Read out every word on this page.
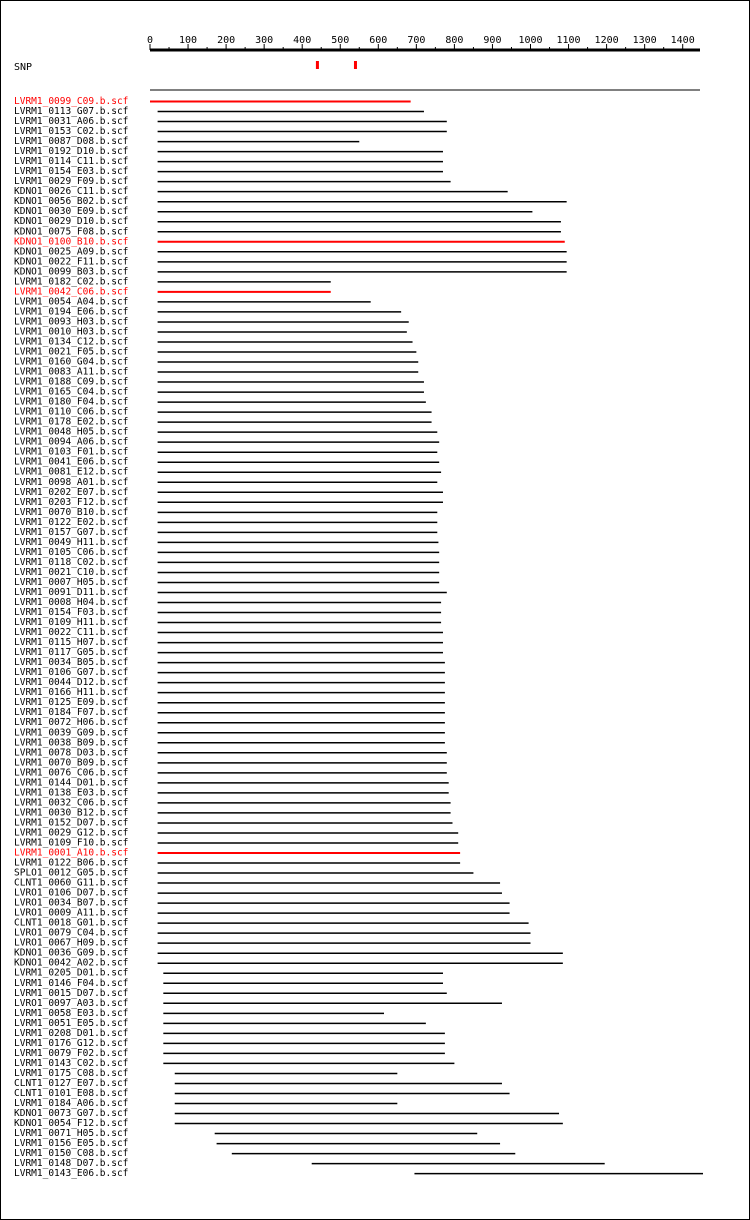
0	100 200 300 400 500 600 700 800 900 1000 1100 1200 1300 1400
SNP
LVRM1_0099_C09.b.scf
LVRM1_0113_G07.b.scf
LVRM1_0031_A06.b.scf
LVRM1_0153_C02.b.scf
LVRM1_0087_D08.b.scf
LVRM1_0192_D10.b.scf
LVRM1_0114_C11.b.scf
LVRM1_0154_E03.b.scf
LVRM1_0029_F09.b.scf
KDNO1_0026_C11.b.scf
KDNO1_0056_B02.b.scf
KDNO1_0030_E09.b.scf
KDNO1_0029_D10.b.scf
KDNO1_0075_F08.b.scf
KDNO1_0100_B10.b.scf
KDNO1_0025_A09.b.scf
KDNO1_0022_F11.b.scf
KDNO1_0099_B03.b.scf
LVRM1_0182_C02.b.scf
LVRM1_0042_C06.b.scf
LVRM1_0054_A04.b.scf
LVRM1_0194_E06.b.scf
LVRM1_0093_H03.b.scf
LVRM1_0010_H03.b.scf
LVRM1_0134_C12.b.scf
LVRM1_0021_F05.b.scf
LVRM1_0160_G04.b.scf
LVRM1_0083_A11.b.scf
LVRM1_0188_C09.b.scf
LVRM1_0165_C04.b.scf
LVRM1_0180_F04.b.scf
LVRM1_0110_C06.b.scf
LVRM1_0178_E02.b.scf
LVRM1_0048_H05.b.scf
LVRM1_0094_A06.b.scf
LVRM1_0103_F01.b.scf
LVRM1_0041_E06.b.scf
LVRM1_0081_E12.b.scf
LVRM1_0098_A01.b.scf
LVRM1_0202_E07.b.scf
LVRM1_0203_F12.b.scf
LVRM1_0070_B10.b.scf
LVRM1_0122_E02.b.scf
LVRM1_0157_G07.b.scf
LVRM1_0049_H11.b.scf
LVRM1_0105_C06.b.scf
LVRM1_0118_C02.b.scf
LVRM1_0021_C10.b.scf
LVRM1_0007_H05.b.scf
LVRM1_0091_D11.b.scf
LVRM1_0008_H04.b.scf
LVRM1_0154_F03.b.scf
LVRM1_0109_H11.b.scf
LVRM1_0022_C11.b.scf
LVRM1_0115_H07.b.scf
LVRM1_0117_G05.b.scf
LVRM1_0034_B05.b.scf
LVRM1_0106_G07.b.scf
LVRM1_0044_D12.b.scf
LVRM1_0166_H11.b.scf
LVRM1_0125_E09.b.scf
LVRM1_0184_F07.b.scf
LVRM1_0072_H06.b.scf
LVRM1_0039_G09.b.scf
LVRM1_0038_B09.b.scf
LVRM1_0078_D03.b.scf
LVRM1_0070_B09.b.scf
LVRM1_0076_C06.b.scf
LVRM1_0144_D01.b.scf
LVRM1_0138_E03.b.scf
LVRM1_0032_C06.b.scf
LVRM1_0030_B12.b.scf
LVRM1_0152_D07.b.scf
LVRM1_0029_G12.b.scf
LVRM1_0109_F10.b.scf
LVRM1_0001_A10.b.scf
LVRM1_0122_B06.b.scf
SPLO1_0012_G05.b.scf
CLNT1_0060_G11.b.scf
LVRO1_0106_D07.b.scf
LVRO1_0034_B07.b.scf
LVRO1_0009_A11.b.scf
CLNT1_0018_G01.b.scf
LVRO1_0079_C04.b.scf
LVRO1_0067_H09.b.scf
KDNO1_0036_G09.b.scf
KDNO1_0042_A02.b.scf
LVRM1_0205_D01.b.scf
LVRM1_0146_F04.b.scf
LVRM1_0015_D07.b.scf
LVRO1_0097_A03.b.scf
LVRM1_0058_E03.b.scf
LVRM1_0051_E05.b.scf
LVRM1_0208_D01.b.scf
LVRM1_0176_G12.b.scf
LVRM1_0079_F02.b.scf
LVRM1_0143_C02.b.scf
LVRM1_0175_C08.b.scf
CLNT1_0127_E07.b.scf
CLNT1_0101_E08.b.scf
LVRM1_0184_A06.b.scf
KDNO1_0073_G07.b.scf
KDNO1_0054_F12.b.scf
LVRM1_0071_H05.b.scf
LVRM1_0156_E05.b.scf
LVRM1_0150_C08.b.scf
LVRM1_0148_D07.b.scf
LVRM1_0143_E06.b.scf
